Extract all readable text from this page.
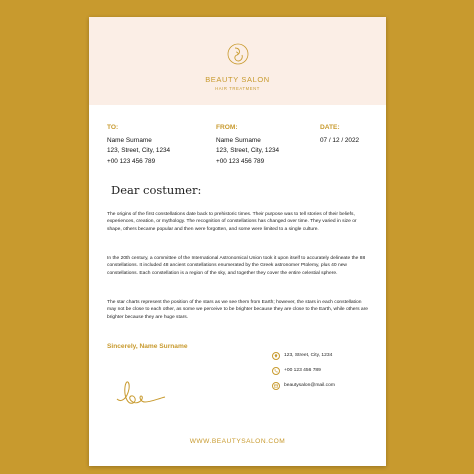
BEAUTY SALON
HAIR TREATMENT
TO:
Name Surname
123, Street, City, 1234
+00 123 456 789
FROM:
Name Surname
123, Street, City, 1234
+00 123 456 789
DATE:
07 / 12 / 2022
Dear costumer:
The origins of the first constellations date back to prehistoric times. Their purpose was to tell stories of their beliefs, experiences, creation, or mythology. The recognition of constellations has changed over time. They varied in size or shape, others became popular and then were forgotten, and some were limited to a single culture.
In the 20th century, a committee of the International Astronomical Union took it upon itself to accurately delineate the 88 constellations. It included 48 ancient constellations enumerated by the Greek astronomer Ptolemy, plus 40 new constellations. Each constellation is a region of the sky, and together they cover the entire celestial sphere.
The star charts represent the position of the stars as we see them from Earth; however, the stars in each constellation may not be close to each other, as some we perceive to be brighter because they are close to the Earth, while others are brighter because they are huge stars.
Sincerely, Name Surname
123, Street, City, 1234
+00 123 456 789
beautysalon@mail.com
WWW.BEAUTYSALON.COM
